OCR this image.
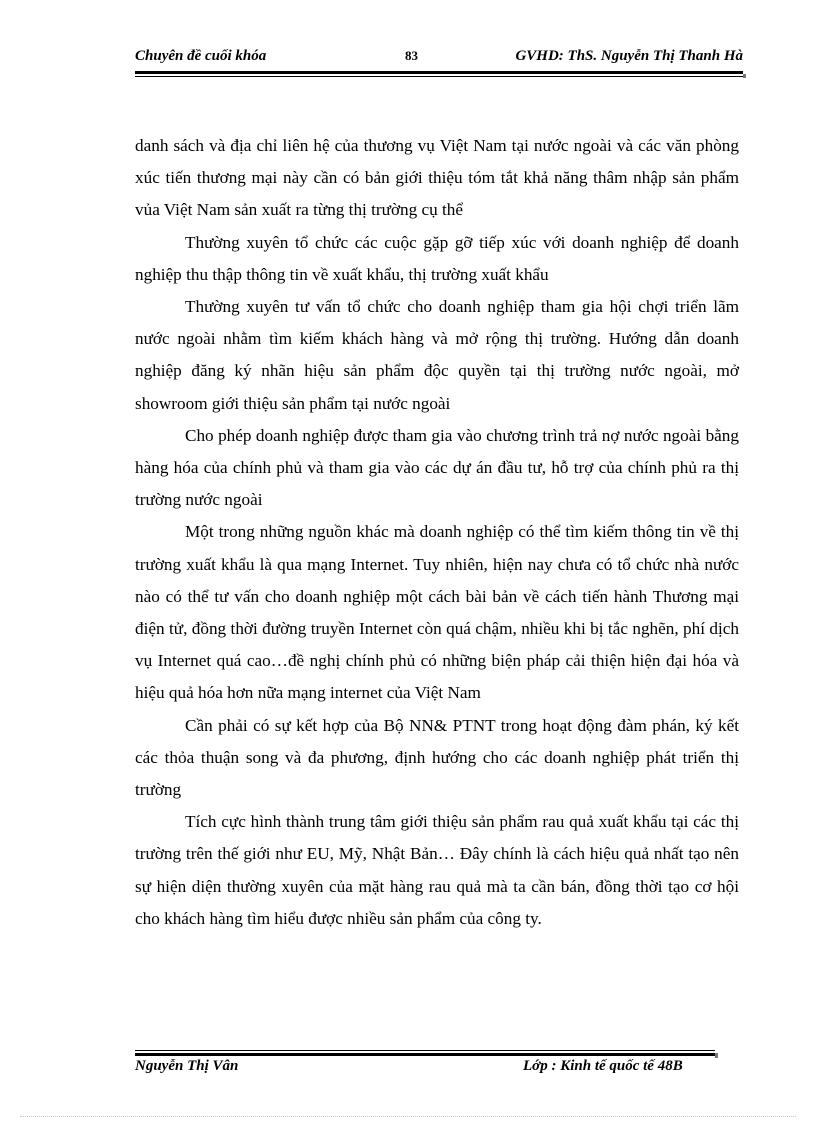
Chuyên đề cuối khóa	83	GVHD: ThS. Nguyễn Thị Thanh Hà

danh sách và địa chỉ liên hệ của thương vụ Việt Nam tại nước ngoài và các văn phòng xúc tiến thương mại này cần có bản giới thiệu tóm tắt khả năng thâm nhập sản phẩm vủa Việt Nam sản xuất ra từng thị trường cụ thể

Thường xuyên tổ chức các cuộc gặp gỡ tiếp xúc với doanh nghiệp để doanh nghiệp thu thập thông tin về xuất khẩu, thị trường xuất khẩu

Thường xuyên tư vấn tổ chức cho doanh nghiệp tham gia hội chợi triển lãm nước ngoài nhằm tìm kiếm khách hàng và mở rộng thị trường. Hướng dẫn doanh nghiệp đăng ký nhãn hiệu sản phẩm độc quyền tại thị trường nước ngoài, mở showroom giới thiệu sản phẩm tại nước ngoài

Cho phép doanh nghiệp được tham gia vào chương trình trả nợ nước ngoài bằng hàng hóa của chính phủ và tham gia vào các dự án đầu tư, hỗ trợ của chính phủ ra thị trường nước ngoài

Một trong những nguồn khác mà doanh nghiệp có thể tìm kiếm thông tin về thị trường xuất khẩu là qua mạng Internet. Tuy nhiên, hiện nay chưa có tổ chức nhà nước nào có thể tư vấn cho doanh nghiệp một cách bài bản về cách tiến hành Thương mại điện tử, đồng thời đường truyền Internet còn quá chậm, nhiều khi bị tắc nghẽn, phí dịch vụ Internet quá cao…đề nghị chính phủ có những biện pháp cải thiện hiện đại hóa và hiệu quả hóa hơn nữa mạng internet của Việt Nam

Cần phải có sự kết hợp của Bộ NN& PTNT trong hoạt động đàm phán, ký kết các thỏa thuận song và đa phương, định hướng cho các doanh nghiệp phát triển thị trường

Tích cực hình thành trung tâm giới thiệu sản phẩm rau quả xuất khẩu tại các thị trường trên thế giới như EU, Mỹ, Nhật Bản… Đây chính là cách hiệu quả nhất tạo nên sự hiện diện thường xuyên của mặt hàng rau quả mà ta cần bán, đồng thời tạo cơ hội cho khách hàng tìm hiểu được nhiều sản phẩm của công ty.

Nguyễn Thị Vân	Lớp : Kinh tế quốc tế 48B
